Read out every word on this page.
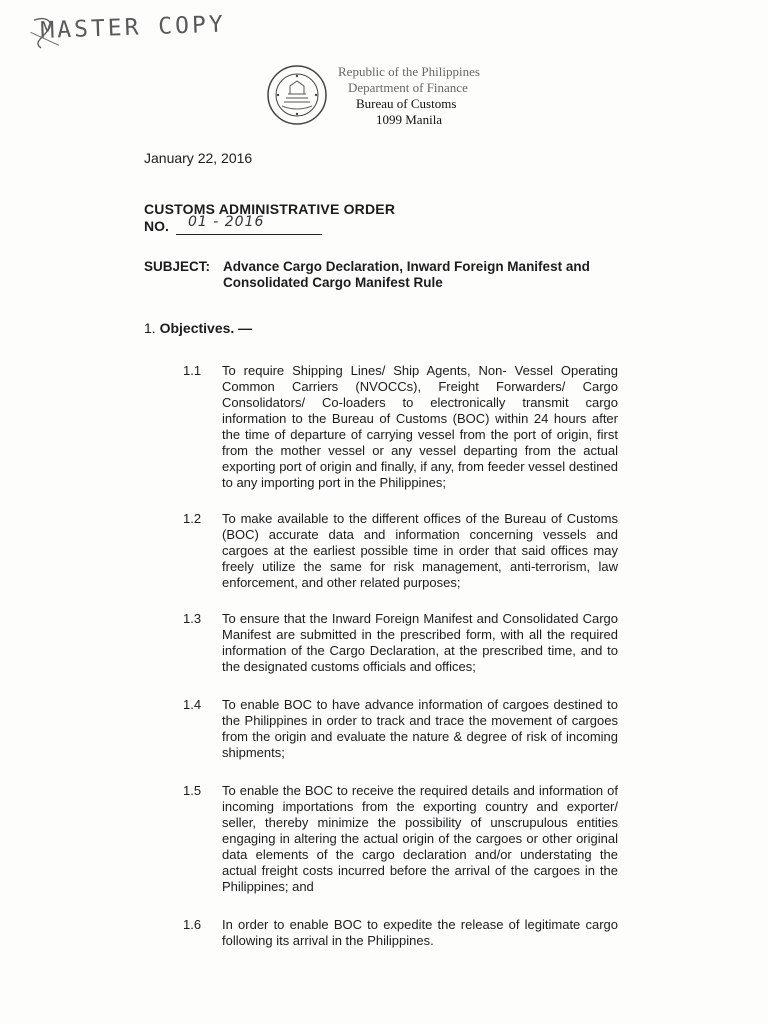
MASTER COPY
Republic of the Philippines
Department of Finance
Bureau of Customs
1099 Manila
January 22, 2016
CUSTOMS ADMINISTRATIVE ORDER
NO. 01 - 2016
SUBJECT: Advance Cargo Declaration, Inward Foreign Manifest and Consolidated Cargo Manifest Rule
1. Objectives. —
1.1 To require Shipping Lines/ Ship Agents, Non- Vessel Operating Common Carriers (NVOCCs), Freight Forwarders/ Cargo Consolidators/ Co-loaders to electronically transmit cargo information to the Bureau of Customs (BOC) within 24 hours after the time of departure of carrying vessel from the port of origin, first from the mother vessel or any vessel departing from the actual exporting port of origin and finally, if any, from feeder vessel destined to any importing port in the Philippines;
1.2 To make available to the different offices of the Bureau of Customs (BOC) accurate data and information concerning vessels and cargoes at the earliest possible time in order that said offices may freely utilize the same for risk management, anti-terrorism, law enforcement, and other related purposes;
1.3 To ensure that the Inward Foreign Manifest and Consolidated Cargo Manifest are submitted in the prescribed form, with all the required information of the Cargo Declaration, at the prescribed time, and to the designated customs officials and offices;
1.4 To enable BOC to have advance information of cargoes destined to the Philippines in order to track and trace the movement of cargoes from the origin and evaluate the nature & degree of risk of incoming shipments;
1.5 To enable the BOC to receive the required details and information of incoming importations from the exporting country and exporter/ seller, thereby minimize the possibility of unscrupulous entities engaging in altering the actual origin of the cargoes or other original data elements of the cargo declaration and/or understating the actual freight costs incurred before the arrival of the cargoes in the Philippines; and
1.6 In order to enable BOC to expedite the release of legitimate cargo following its arrival in the Philippines.
